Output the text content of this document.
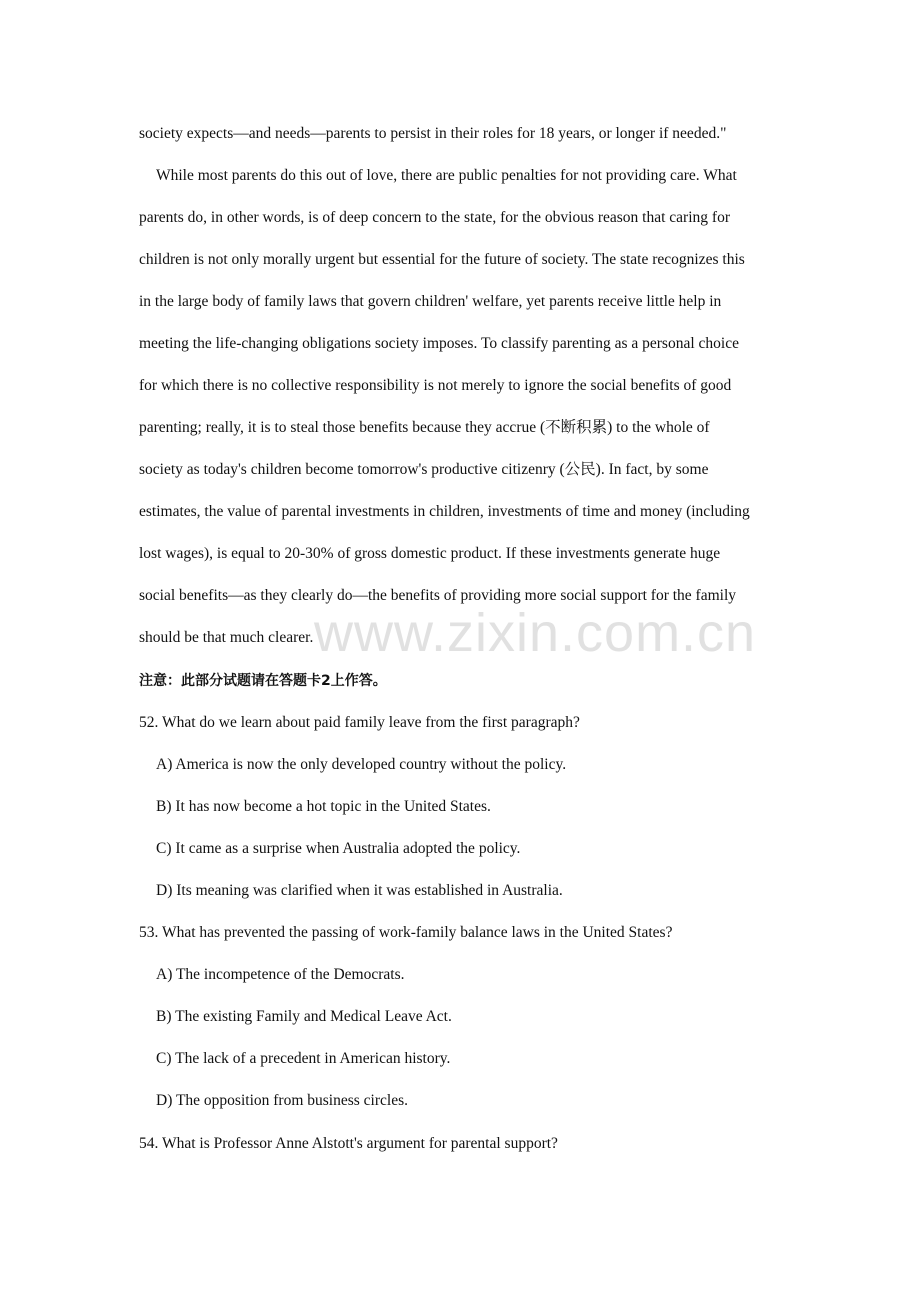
www.zixin.com.cn
society expects—and needs—parents to persist in their roles for 18 years, or longer if needed."
While most parents do this out of love, there are public penalties for not providing care. What
parents do, in other words, is of deep concern to the state, for the obvious reason that caring for
children is not only morally urgent but essential for the future of society. The state recognizes this
in the large body of family laws that govern children' welfare, yet parents receive little help in
meeting the life-changing obligations society imposes. To classify parenting as a personal choice
for which there is no collective responsibility is not merely to ignore the social benefits of good
parenting; really, it is to steal those benefits because they accrue (不断积累) to the whole of
society as today's children become tomorrow's productive citizenry (公民). In fact, by some
estimates, the value of parental investments in children, investments of time and money (including
lost wages), is equal to 20-30% of gross domestic product. If these investments generate huge
social benefits—as they clearly do—the benefits of providing more social support for the family
should be that much clearer.
注意：此部分试题请在答题卡2上作答。
52. What do we learn about paid family leave from the first paragraph?
A) America is now the only developed country without the policy.
B) It has now become a hot topic in the United States.
C) It came as a surprise when Australia adopted the policy.
D) Its meaning was clarified when it was established in Australia.
53. What has prevented the passing of work-family balance laws in the United States?
A) The incompetence of the Democrats.
B) The existing Family and Medical Leave Act.
C) The lack of a precedent in American history.
D) The opposition from business circles.
54. What is Professor Anne Alstott's argument for parental support?
